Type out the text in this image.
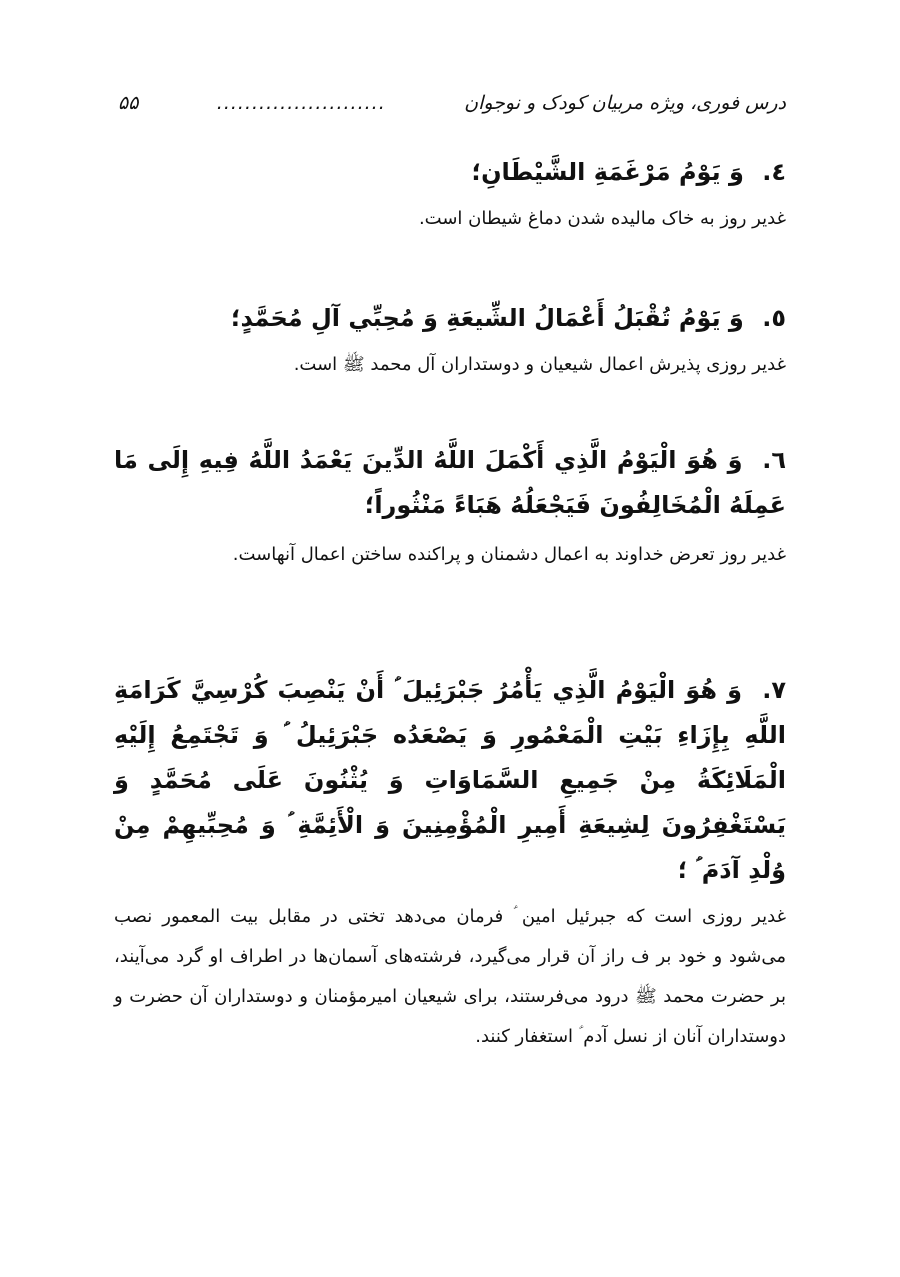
درس فوری، ویژه مربیان کودک و نوجوان
........................
۵۵
٤. وَ يَوْمُ مَرْغَمَةِ الشَّيْطَانِ؛
غدیر روز به خاک مالیده شدن دماغ شیطان است.
٥. وَ يَوْمُ تُقْبَلُ أَعْمَالُ الشِّيعَةِ وَ مُحِبِّي آلِ مُحَمَّدٍ؛
غدیر روزی پذیرش اعمال شیعیان و دوستداران آل محمد ﷺ است.
٦. وَ هُوَ الْيَوْمُ الَّذِي أَكْمَلَ اللَّهُ الدِّينَ يَعْمَدُ اللَّهُ فِيهِ إِلَى مَا عَمِلَهُ الْمُخَالِفُونَ فَيَجْعَلُهُ هَبَاءً مَنْثُوراً؛
غدیر روز تعرض خداوند به اعمال دشمنان و پراکنده ساختن اعمال آنهاست.
٧. وَ هُوَ الْيَوْمُ الَّذِي يَأْمُرُ جَبْرَئِيلَ ؑ أَنْ يَنْصِبَ كُرْسِيَّ كَرَامَةِ اللَّهِ بِإِزَاءِ بَيْتِ الْمَعْمُورِ وَ يَصْعَدُه جَبْرَئِيلُ ؑ وَ تَجْتَمِعُ إِلَيْهِ الْمَلَائِكَةُ مِنْ جَمِيعِ السَّمَاوَاتِ وَ يُثْنُونَ عَلَى مُحَمَّدٍ وَ يَسْتَغْفِرُونَ لِشِيعَةِ أَمِيرِ الْمُؤْمِنِينَ وَ الْأَئِمَّةِ ؑ وَ مُحِبِّيهِمْ مِنْ وُلْدِ آدَمَ ؑ ؛
غدیر روزی است که جبرئیل امین ؑ فرمان می‌دهد تختی در مقابل بیت المعمور نصب می‌شود و خود بر ف راز آن قرار می‌گیرد، فرشته‌های آسمان‌ها در اطراف او گرد می‌آیند، بر حضرت محمد ﷺ درود می‌فرستند، برای شیعیان امیرمؤمنان و دوستداران آن حضرت و دوستداران آنان از نسل آدم ؑ استغفار کنند.
